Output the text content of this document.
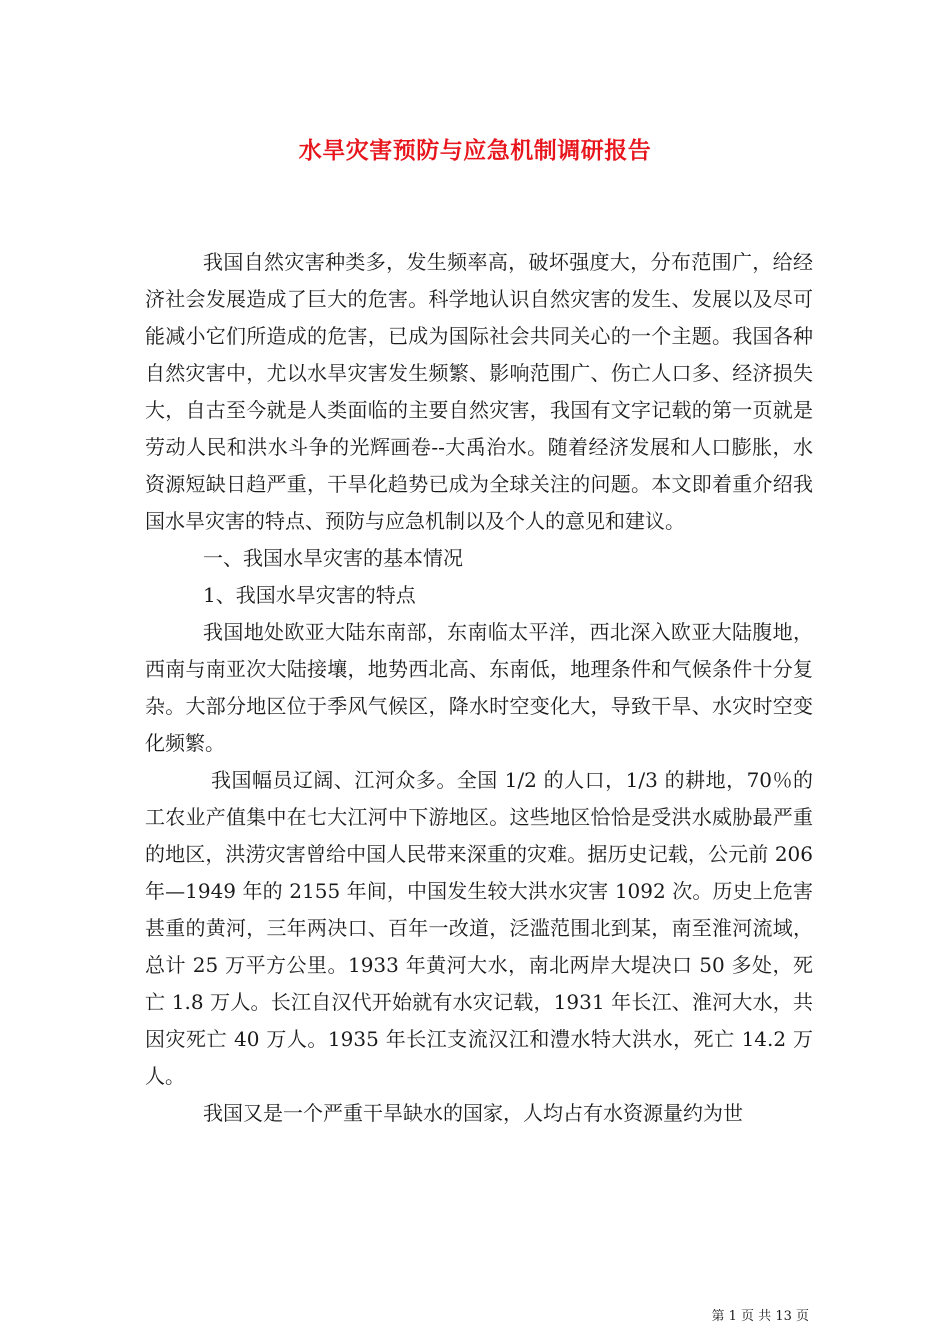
水旱灾害预防与应急机制调研报告

我国自然灾害种类多，发生频率高，破坏强度大，分布范围广，给经济社会发展造成了巨大的危害。科学地认识自然灾害的发生、发展以及尽可能减小它们所造成的危害，已成为国际社会共同关心的一个主题。我国各种自然灾害中，尤以水旱灾害发生频繁、影响范围广、伤亡人口多、经济损失大，自古至今就是人类面临的主要自然灾害，我国有文字记载的第一页就是劳动人民和洪水斗争的光辉画卷--大禹治水。随着经济发展和人口膨胀，水资源短缺日趋严重，干旱化趋势已成为全球关注的问题。本文即着重介绍我国水旱灾害的特点、预防与应急机制以及个人的意见和建议。

一、我国水旱灾害的基本情况

1、我国水旱灾害的特点

我国地处欧亚大陆东南部，东南临太平洋，西北深入欧亚大陆腹地，西南与南亚次大陆接壤，地势西北高、东南低，地理条件和气候条件十分复杂。大部分地区位于季风气候区，降水时空变化大，导致干旱、水灾时空变化频繁。

我国幅员辽阔、江河众多。全国 1/2 的人口，1/3 的耕地，70％的工农业产值集中在七大江河中下游地区。这些地区恰恰是受洪水威胁最严重的地区，洪涝灾害曾给中国人民带来深重的灾难。据历史记载，公元前 206 年—1949 年的 2155 年间，中国发生较大洪水灾害 1092 次。历史上危害甚重的黄河，三年两决口、百年一改道，泛滥范围北到某，南至淮河流域，总计 25 万平方公里。1933 年黄河大水，南北两岸大堤决口 50 多处，死亡 1.8 万人。长江自汉代开始就有水灾记载，1931 年长江、淮河大水，共因灾死亡 40 万人。1935 年长江支流汉江和澧水特大洪水，死亡 14.2 万人。

我国又是一个严重干旱缺水的国家，人均占有水资源量约为世

第 1 页 共 13 页
